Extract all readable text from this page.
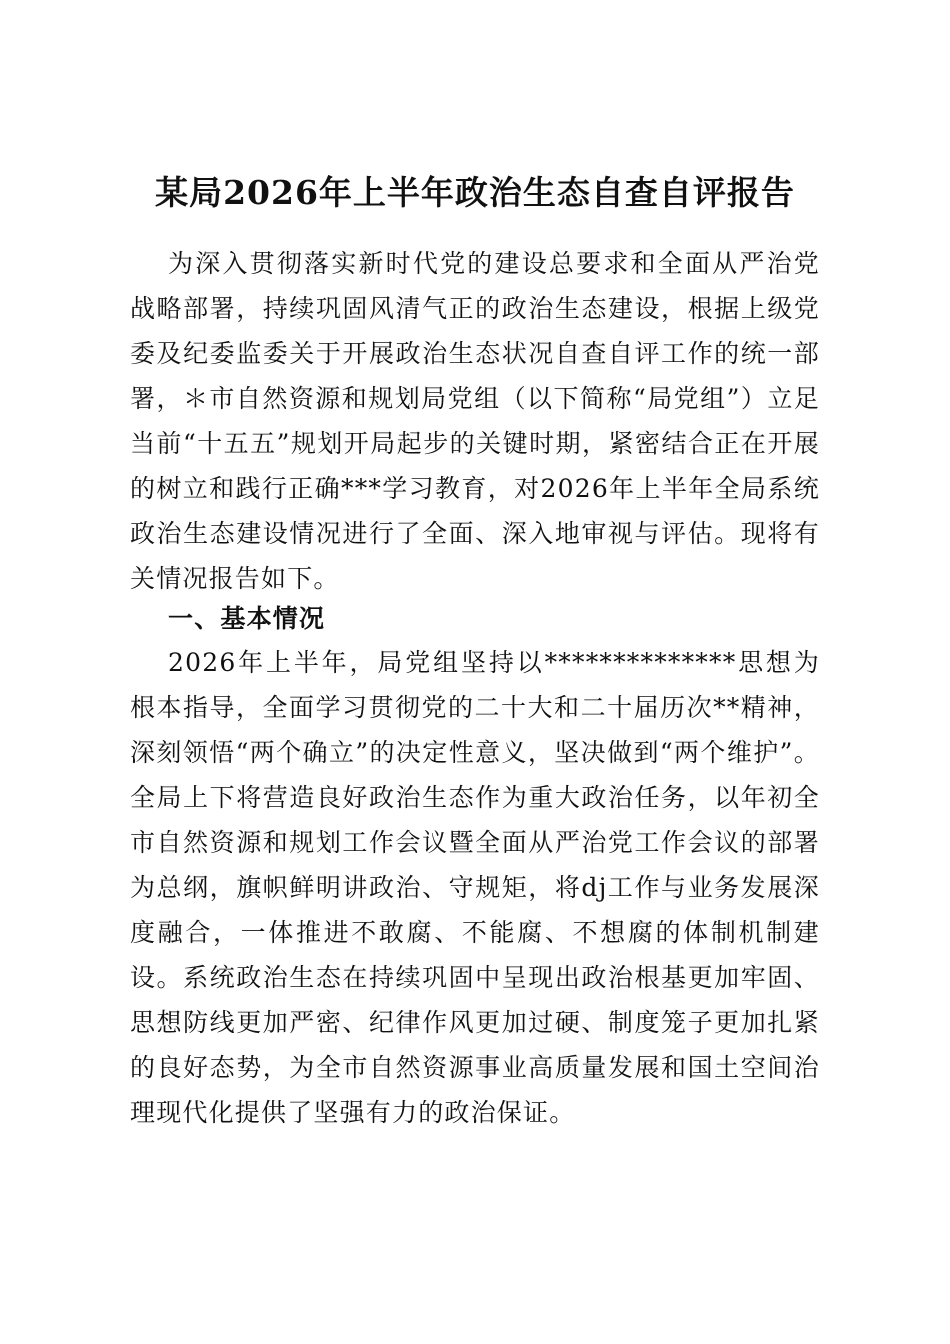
某局2026年上半年政治生态自查自评报告

为深入贯彻落实新时代党的建设总要求和全面从严治党战略部署，持续巩固风清气正的政治生态建设，根据上级党委及纪委监委关于开展政治生态状况自查自评工作的统一部署，＊市自然资源和规划局党组（以下简称“局党组”）立足当前“十五五”规划开局起步的关键时期，紧密结合正在开展的树立和践行正确***学习教育，对2026年上半年全局系统政治生态建设情况进行了全面、深入地审视与评估。现将有关情况报告如下。

一、基本情况

2026年上半年，局党组坚持以**************思想为根本指导，全面学习贯彻党的二十大和二十届历次**精神，深刻领悟“两个确立”的决定性意义，坚决做到“两个维护”。全局上下将营造良好政治生态作为重大政治任务，以年初全市自然资源和规划工作会议暨全面从严治党工作会议的部署为总纲，旗帜鲜明讲政治、守规矩，将dj工作与业务发展深度融合，一体推进不敢腐、不能腐、不想腐的体制机制建设。系统政治生态在持续巩固中呈现出政治根基更加牢固、思想防线更加严密、纪律作风更加过硬、制度笼子更加扎紧的良好态势，为全市自然资源事业高质量发展和国土空间治理现代化提供了坚强有力的政治保证。
